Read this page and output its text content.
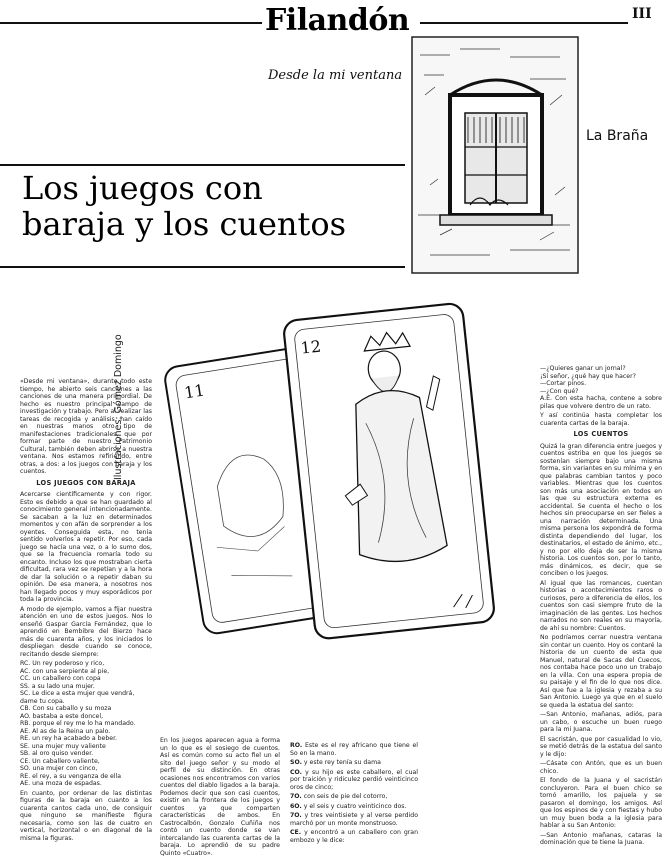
Filandón	III
Desde la mi ventana
La Braña
Los juegos con
baraja y los cuentos
11
12
Ilustraciones: Gómez Domingo

«Desde mi ventana», durante todo este tiempo, he abierto seis canciones a las canciones de una manera primordial. De hecho es nuestro principal campo de investigación y trabajo. Pero al realizar las tareas de recogida y análisis, han caído en nuestras manos otro tipo de manifestaciones tradicionales, que por formar parte de nuestro Patrimonio Cultural, también deben abrirse a nuestra ventana. Nos estamos refiriendo, entre otras, a dos: a los juegos con baraja y los cuentos.

LOS JUEGOS CON BARAJA

Acercarse científicamente y con rigor. Esto es debido a que se han guardado al conocimiento general intencionadamente. Se sacaban a la luz en determinados momentos y con afán de sorprender a los oyentes. Conseguida esta, no tenía sentido volverlos a repetir. Por eso, cada juego se hacía una vez, o a lo sumo dos, que se la frecuencia romaría todo su encanto. Incluso los que mostraban cierta dificultad, rara vez se repetían y a la hora de dar la solución o a repetir daban su opinión. De esa manera, a nosotros nos han llegado pocos y muy esporádicos por toda la provincia.

A modo de ejemplo, vamos a fijar nuestra atención en uno de estos juegos. Nos lo enseñó Gaspar García Fernández, que lo aprendió en Bembibre del Bierzo hace más de cuarenta años, y los iniciados lo despliegan desde cuando se conoce, recitando desde siempre:

RC. Un rey poderoso y rico,
AC. con una serpiente al pie,
CC. un caballero con copa
SS. a su lado una mujer.
SC. Le dice a esta mujer que vendrá,
dame tu copa.
CB. Con su caballo y su moza
AO. bastaba a este doncel,
RB. porque el rey me lo ha mandado.
AE. Al as de la Reina un palo.
RE. un rey ha acabado a beber.
SE. una mujer muy valiente
SB. al oro quiso vender.
CE. Un caballero valiente,
SO. una mujer con cinco,
RE. el rey, a su venganza de ella
AE. una moza de espadas.

En cuanto, por ordenar de las distintas figuras de la baraja en cuanto a los cuarenta cantos cada uno, de consiguir que ninguno se manifieste figura necesaria, como son las de cuatro en vertical, horizontal o en diagonal de la misma la figuras.

En los juegos aparecen agua a forma un lo que es el sosiego de cuentos. Así es común como su acto fiel un el sito del juego señor y su modo el perfil de su distinción. En otras ocasiones nos encontramos con varios cuentos del diablo ligados a la baraja. Podemos decir que son casi cuentos, existir en la frontera de los juegos y cuentos ya que comparten características de ambos. En Castrocalbón, Gonzalo Cuñiña nos contó un cuento donde se van intercalando las cuarenta cartas de la baraja. Lo aprendió de su padre Quinto «Cuatro».

RO. Este es el rey africano que tiene el So en la mano.

SO. y este rey tenía su dama

CO. y su hijo es este caballero, el cual por traición y ridiculez perdió veinticinco oros de cinco;

7O. con seis de pie del cotorro,

6O. y el seis y cuatro veinticinco dos.

7O. y tres veintisiete y al verse perdido marchó por un monte monstruoso.

CE. y encontró a un caballero con gran embozo y le dice:

—¿Quieres ganar un jornal?
¡Sí señor, ¿qué hay que hacer?
—Cortar pinos.
—¿Con qué?

A.E. Con esta hacha, contene a sobre pilas que volvere dentro de un rato.

Y así continúa hasta completar los cuarenta cartas de la baraja.

LOS CUENTOS

Quizá la gran diferencia entre juegos y cuentos estriba en que los juegos se sostenían siempre bajo una misma forma, sin variantes en su mínima y en que palabras cambian tantos y poco variables. Mientras que los cuentos son más una asociación en todos en las que su estructura externa es accidental. Se cuenta el hecho o los hechos sin preocuparse en ser fieles a una narración determinada. Una misma persona los expondrá de forma distinta dependiendo del lugar, los destinatarios, el estado de ánimo, etc., y no por ello deja de ser la misma historia. Los cuentos son, por lo tanto, más dinámicos, es decir, que se conciben o los juegos.

Al igual que las romances, cuentan historias o acontecimientos raros o curiosos, pero a diferencia de ellos, los cuentos son casi siempre fruto de la imaginación de las gentes. Los hechos narrados no son reales en su mayoría, de ahí su nombre: Cuentos.

No podríamos cerrar nuestra ventana sin contar un cuento. Hoy os contaré la historia de un cuento de esta que Manuel, natural de Sacas del Cuecos, nos contaba hace poco uno un trabajo en la villa. Con una espera propia de su paisaje y el fin de lo que nos dice. Así que fue a la iglesia y rezaba a su San Antonio. Luego ya que en el suelo se queda la estatua del santo:

—San Antonio, mañanas, adiós, para un cabo, o escuche un buen ruego para la mi Juana.

El sacristán, que por casualidad lo vio, se metió detrás de la estatua del santo y le dijo:

—Cásate con Antón, que es un buen chico.

El fondo de la Juana y el sacristán concluyeron. Para el buen chico se tornó amarillo, los pajuela y se pasaron el domingo, los amigos. Así que los espinos de y con fiestas y hubo un muy buen boda a la iglesia para hablar a su San Antonio:

—San Antonio mañanas, cataras la dominación que te tiene la Juana.
